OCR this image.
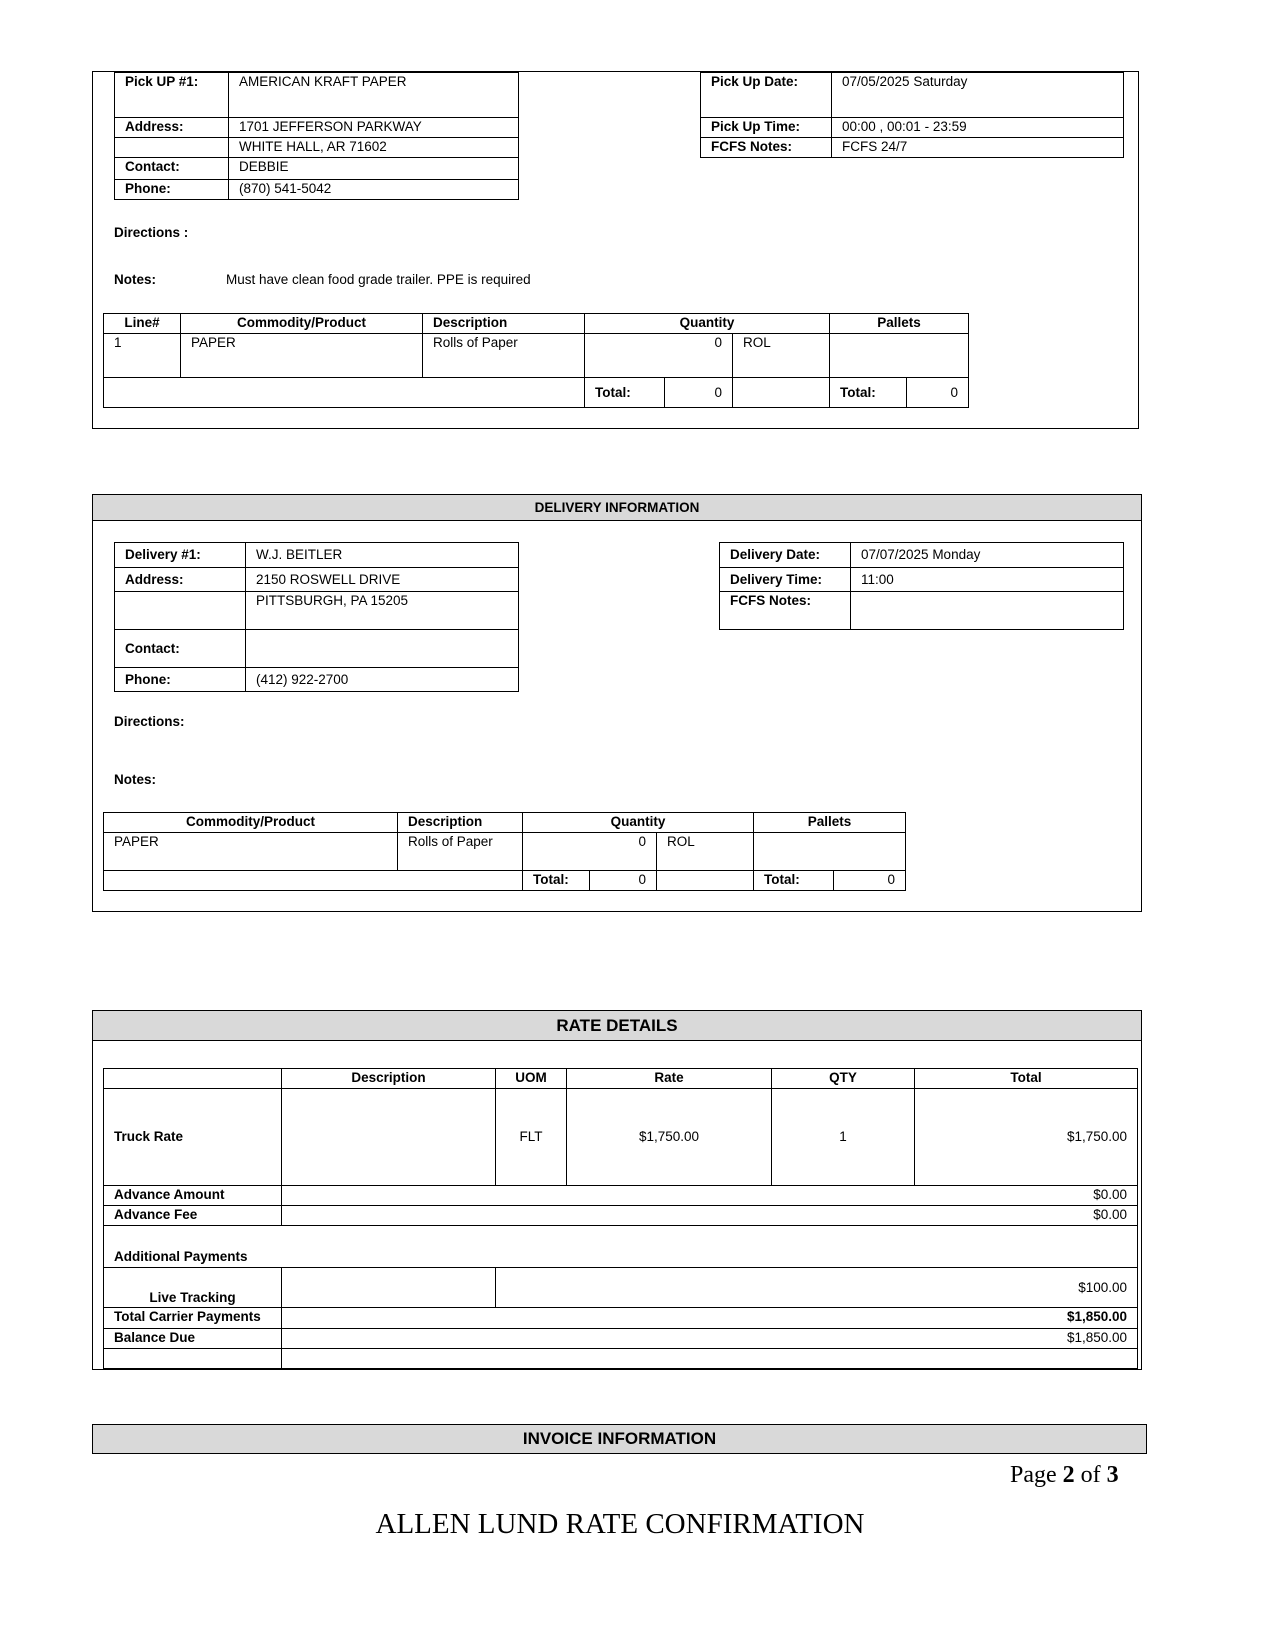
Pick UP #1:	AMERICAN KRAFT PAPER
Address:	1701 JEFFERSON PARKWAY
	WHITE HALL, AR 71602
Contact:	DEBBIE
Phone:	(870) 541-5042
Pick Up Date:	07/05/2025 Saturday
Pick Up Time:	00:00 , 00:01 - 23:59
FCFS Notes:	FCFS 24/7
Directions :
Notes:	Must have clean food grade trailer. PPE is required
Line#	Commodity/Product	Description	Quantity			Pallets	
1	PAPER	Rolls of Paper	0		ROL		
			Total:	0		Total:	0
DELIVERY INFORMATION
Delivery #1:	W.J. BEITLER
Address:	2150 ROSWELL DRIVE
	PITTSBURGH, PA 15205
Contact:	
Phone:	(412) 922-2700
Delivery Date:	07/07/2025 Monday
Delivery Time:	11:00
FCFS Notes:	
Directions:
Notes:
Commodity/Product	Description	Quantity			Pallets	
PAPER	Rolls of Paper	0		ROL		
		Total:	0		Total:	0
RATE DETAILS
	Description	UOM	Rate	QTY	Total
Truck Rate		FLT	$1,750.00	1	$1,750.00
Advance Amount	$0.00				
Advance Fee	$0.00				
Additional Payments					
Live Tracking		$100.00			
Total Carrier Payments	$1,850.00				
Balance Due	$1,850.00				

INVOICE INFORMATION
Page 2 of 3
ALLEN LUND RATE CONFIRMATION
